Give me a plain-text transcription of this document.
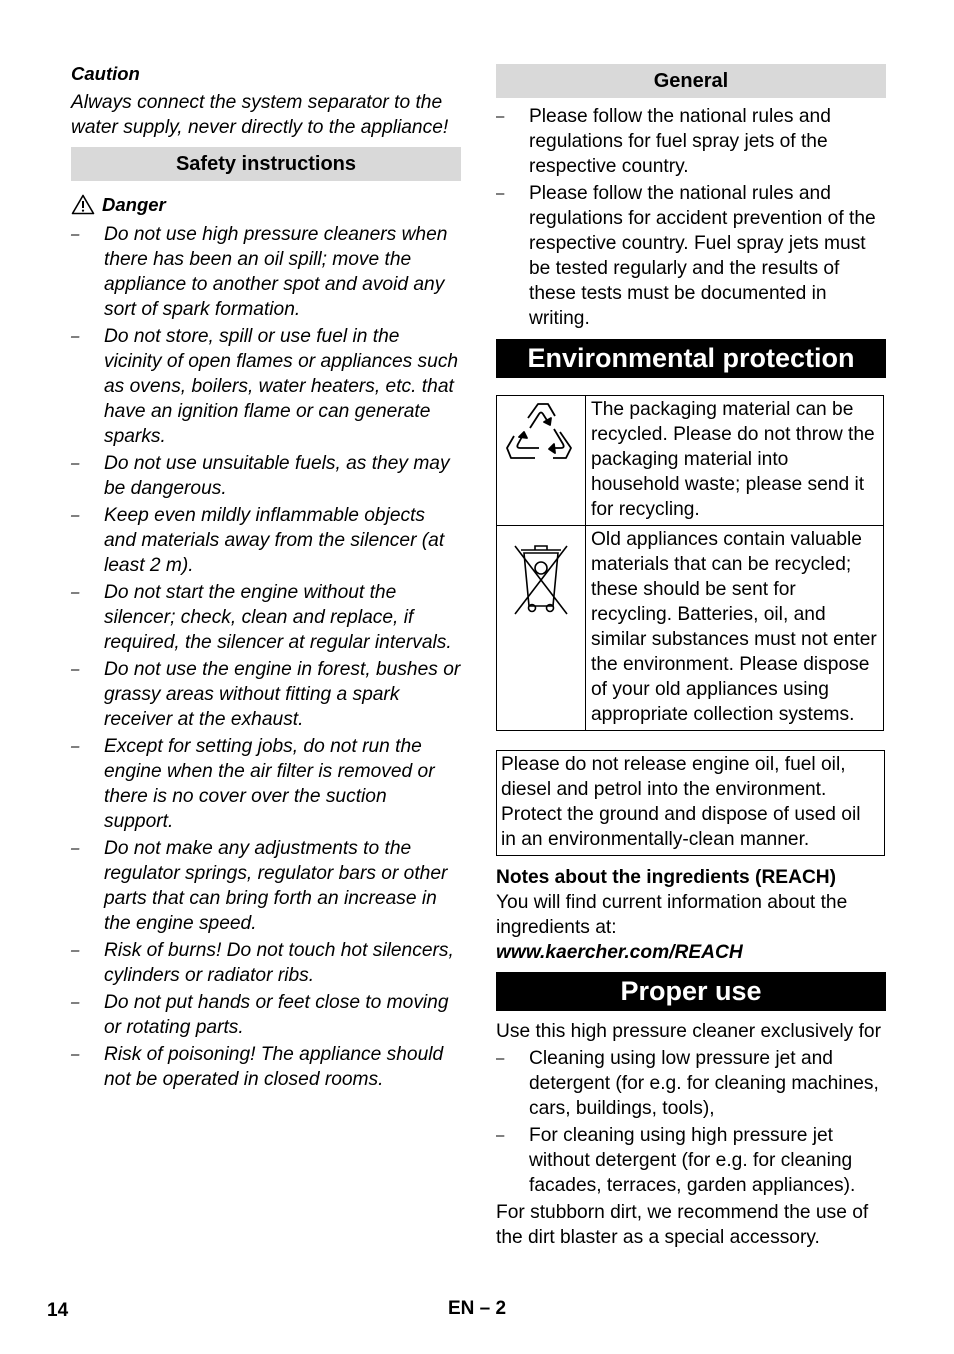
Caution

Always connect the system separator to the water supply, never directly to the appliance!

Safety instructions
Danger
– Do not use high pressure cleaners when there has been an oil spill; move the appliance to another spot and avoid any sort of spark formation.
– Do not store, spill or use fuel in the vicinity of open flames or appliances such as ovens, boilers, water heaters, etc. that have an ignition flame or can generate sparks.
– Do not use unsuitable fuels, as they may be dangerous.
– Keep even mildly inflammable objects and materials away from the silencer (at least 2 m).
– Do not start the engine without the silencer; check, clean and replace, if required, the silencer at regular intervals.
– Do not use the engine in forest, bushes or grassy areas without fitting a spark receiver at the exhaust.
– Except for setting jobs, do not run the engine when the air filter is removed or there is no cover over the suction support.
– Do not make any adjustments to the regulator springs, regulator bars or other parts that can bring forth an increase in the engine speed.
– Risk of burns! Do not touch hot silencers, cylinders or radiator ribs.
– Do not put hands or feet close to moving or rotating parts.
– Risk of poisoning! The appliance should not be operated in closed rooms.
General
– Please follow the national rules and regulations for fuel spray jets of the respective country.
– Please follow the national rules and regulations for accident prevention of the respective country. Fuel spray jets must be tested regularly and the results of these tests must be documented in writing.
Environmental protection
	The packaging material can be recycled. Please do not throw the packaging material into household waste; please send it for recycling.

	Old appliances contain valuable materials that can be recycled; these should be sent for recycling. Batteries, oil, and similar substances must not enter the environment. Please dispose of your old appliances using appropriate collection systems.
Please do not release engine oil, fuel oil, diesel and petrol into the environment. Protect the ground and dispose of used oil in an environmentally-clean manner.
Notes about the ingredients (REACH)
You will find current information about the ingredients at:
www.kaercher.com/REACH
Proper use
Use this high pressure cleaner exclusively for
– Cleaning using low pressure jet and detergent (for e.g. for cleaning machines, cars, buildings, tools),
– For cleaning using high pressure jet without detergent (for e.g. for cleaning facades, terraces, garden appliances).
For stubborn dirt, we recommend the use of the dirt blaster as a special accessory.
14	EN – 2
